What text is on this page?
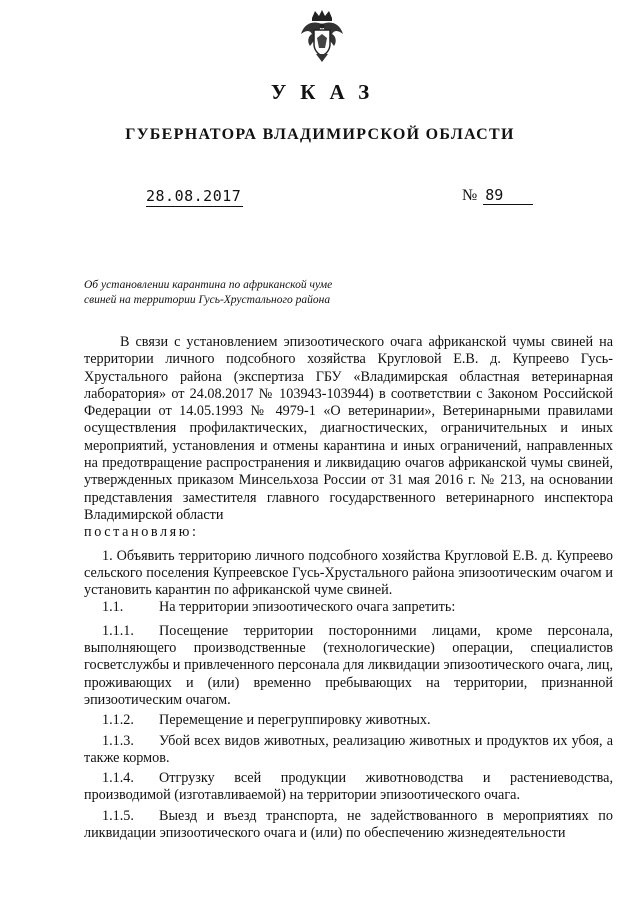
УКАЗ
ГУБЕРНАТОРА ВЛАДИМИРСКОЙ ОБЛАСТИ
28.08.2017	№ 89
Об установлении карантина по африканской чуме
свиней на территории Гусь-Хрустального района

В связи с установлением эпизоотического очага африканской чумы свиней на территории личного подсобного хозяйства Кругловой Е.В. д. Купреево Гусь-Хрустального района (экспертиза ГБУ «Владимирская областная ветеринарная лаборатория» от 24.08.2017 № 103943-103944) в соответствии с Законом Российской Федерации от 14.05.1993 № 4979-1 «О ветеринарии», Ветеринарными правилами осуществления профилактических, диагностических, ограничительных и иных мероприятий, установления и отмены карантина и иных ограничений, направленных на предотвращение распространения и ликвидацию очагов африканской чумы свиней, утвержденных приказом Минсельхоза России от 31 мая 2016 г. № 213, на основании представления заместителя главного государственного ветеринарного инспектора Владимирской области

постановляю:

1. Объявить территорию личного подсобного хозяйства Кругловой Е.В. д. Купреево сельского поселения Купреевское Гусь-Хрустального района эпизоотическим очагом и установить карантин по африканской чуме свиней.

1.1.	На территории эпизоотического очага запретить:

1.1.1. Посещение территории посторонними лицами, кроме персонала, выполняющего производственные (технологические) операции, специалистов госветслужбы и привлеченного персонала для ликвидации эпизоотического очага, лиц, проживающих и (или) временно пребывающих на территории, признанной эпизоотическим очагом.

1.1.2. Перемещение и перегруппировку животных.

1.1.3. Убой всех видов животных, реализацию животных и продуктов их убоя, а также кормов.

1.1.4. Отгрузку всей продукции животноводства и растениеводства, производимой (изготавливаемой) на территории эпизоотического очага.

1.1.5. Выезд и въезд транспорта, не задействованного в мероприятиях по ликвидации эпизоотического очага и (или) по обеспечению жизнедеятельности
